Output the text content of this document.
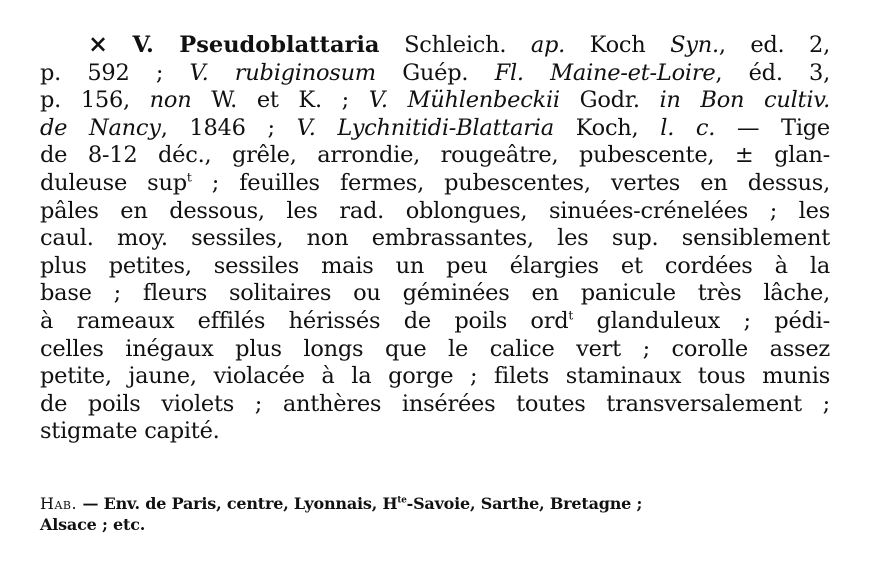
× V. Pseudoblattaria Schleich. ap. Koch Syn., ed. 2,
p. 592 ; V. rubiginosum Guép. Fl. Maine-et-Loire, éd. 3,
p. 156, non W. et K. ; V. Mühlenbeckii Godr. in Bon cultiv.
de Nancy, 1846 ; V. Lychnitidi-Blattaria Koch, l. c. — Tige
de 8-12 déc., grêle, arrondie, rougeâtre, pubescente, ± glan-
duleuse sup$^t$ ; feuilles fermes, pubescentes, vertes en dessus,
pâles en dessous, les rad. oblongues, sinuées-crénelées ; les
caul. moy. sessiles, non embrassantes, les sup. sensiblement
plus petites, sessiles mais un peu élargies et cordées à la
base ; fleurs solitaires ou géminées en panicule très lâche,
à rameaux effilés hérissés de poils ord$^t$ glanduleux ; pédi-
celles inégaux plus longs que le calice vert ; corolle assez
petite, jaune, violacée à la gorge ; filets staminaux tous munis
de poils violets ; anthères insérées toutes transversalement ;
stigmate capité.

Hab. — Env. de Paris, centre, Lyonnais, $H^{te}$-Savoie, Sarthe, Bretagne ;
Alsace ; etc.
